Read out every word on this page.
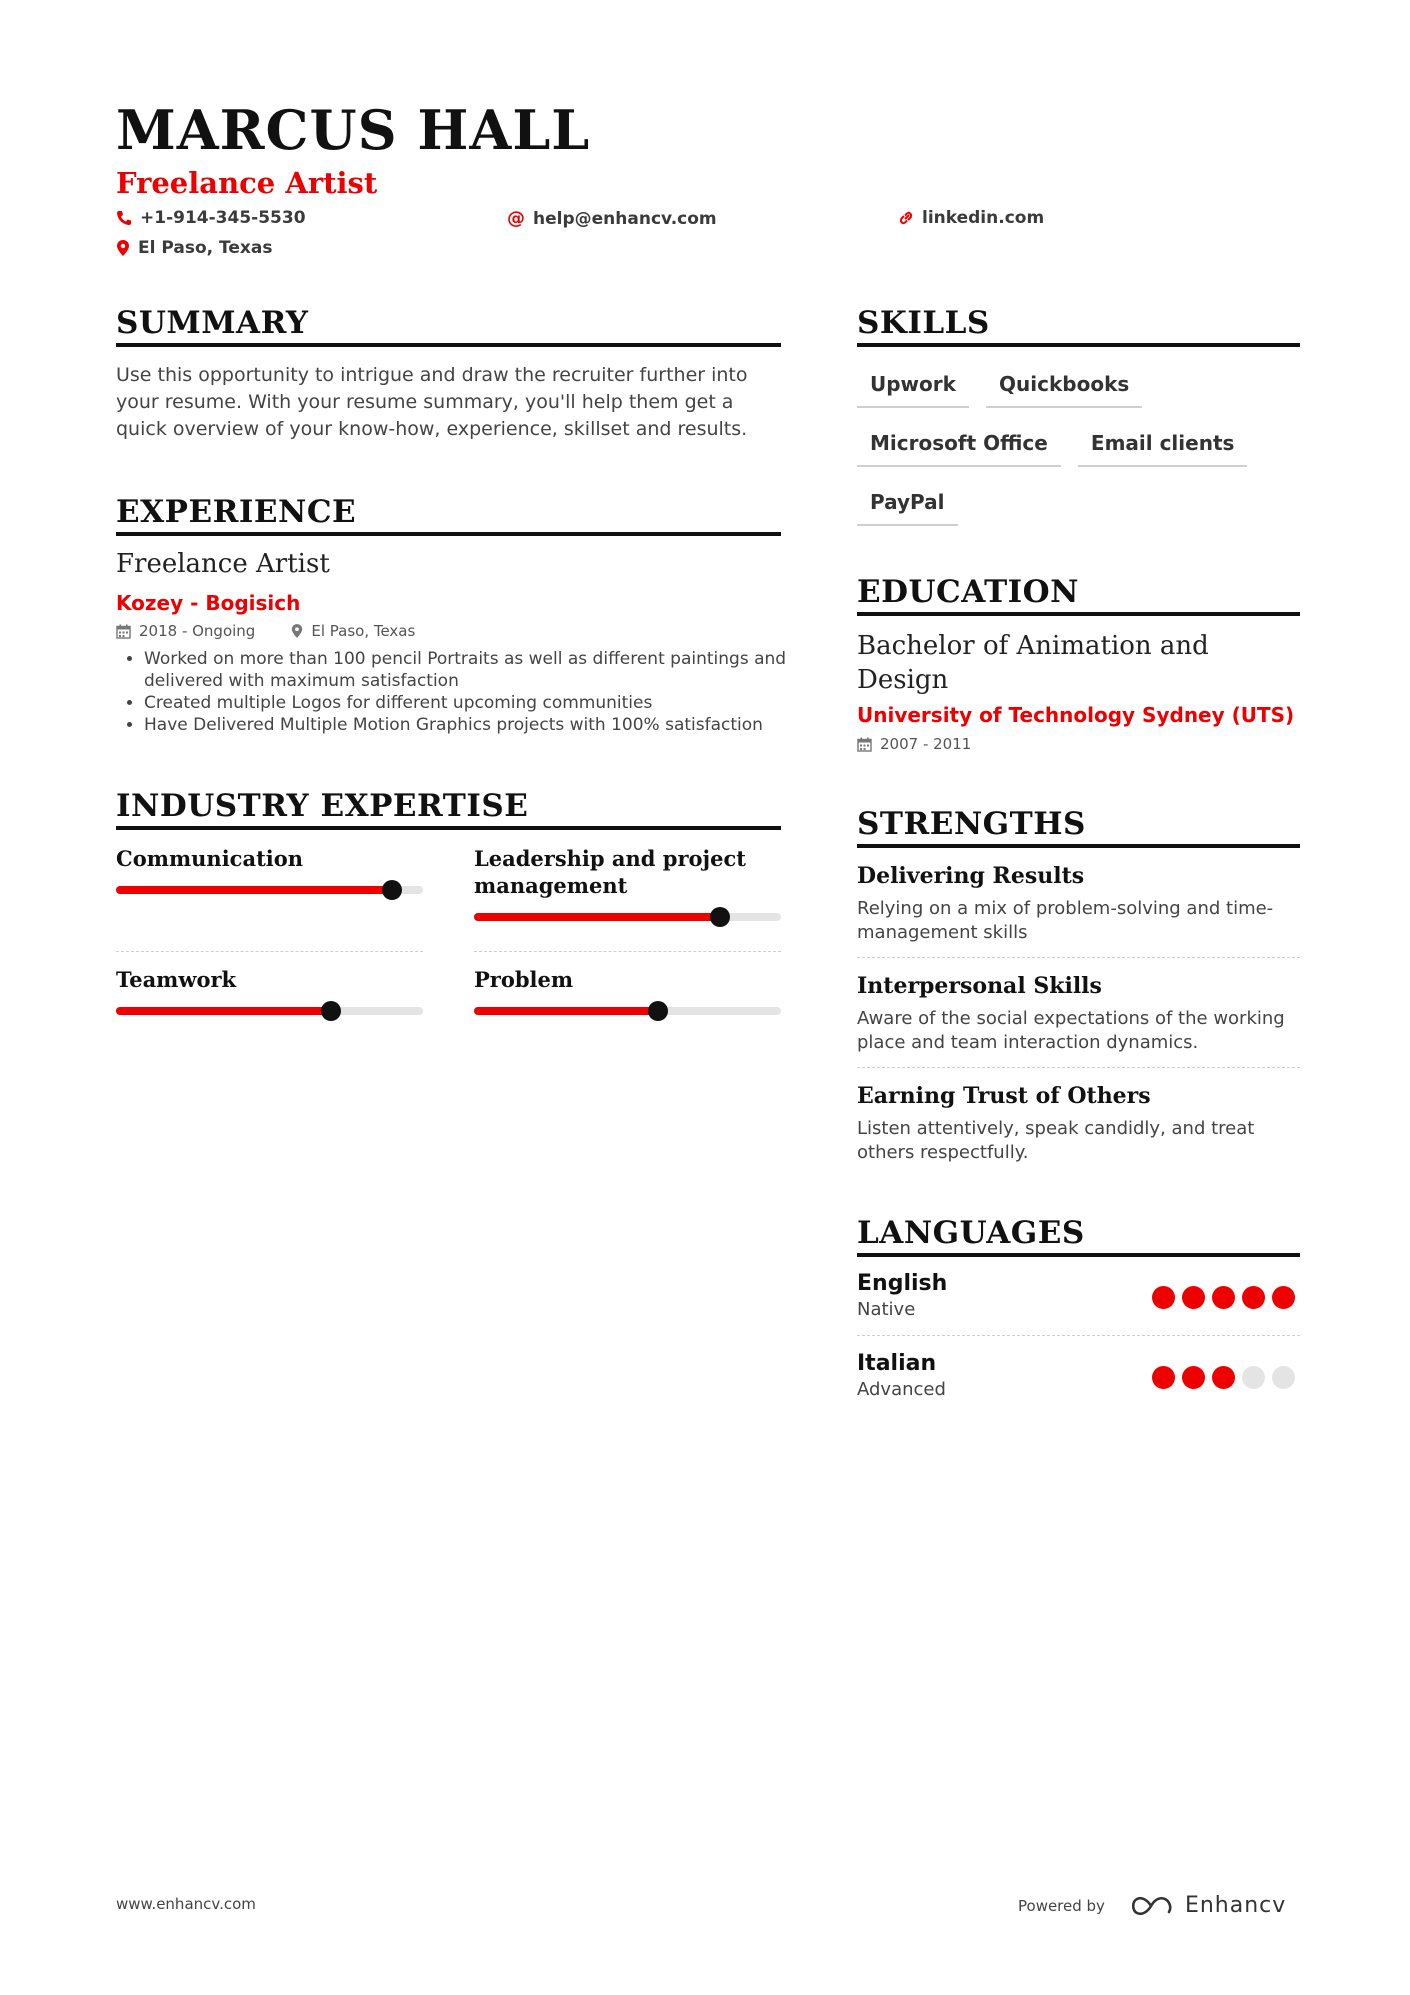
MARCUS HALL
Freelance Artist
+1-914-345-5530	@ help@enhancv.com	linkedin.com
El Paso, Texas
SUMMARY

Use this opportunity to intrigue and draw the recruiter further into your resume. With your resume summary, you'll help them get a quick overview of your know-how, experience, skillset and results.

EXPERIENCE
Freelance Artist
Kozey - Bogisich
2018 - Ongoing	El Paso, Texas
• Worked on more than 100 pencil Portraits as well as different paintings and delivered with maximum satisfaction
• Created multiple Logos for different upcoming communities
• Have Delivered Multiple Motion Graphics projects with 100% satisfaction
INDUSTRY EXPERTISE
Communication	Leadership and project management
Teamwork	Problem
SKILLS
Upwork Quickbooks
Microsoft Office Email clients
PayPal
EDUCATION
Bachelor of Animation and Design
University of Technology Sydney (UTS)
2007 - 2011
STRENGTHS
Delivering Results
Relying on a mix of problem-solving and time-management skills
Interpersonal Skills
Aware of the social expectations of the working place and team interaction dynamics.
Earning Trust of Others
Listen attentively, speak candidly, and treat others respectfully.
LANGUAGES
English
Native
Italian
Advanced
www.enhancv.com	Powered by	Enhancv
